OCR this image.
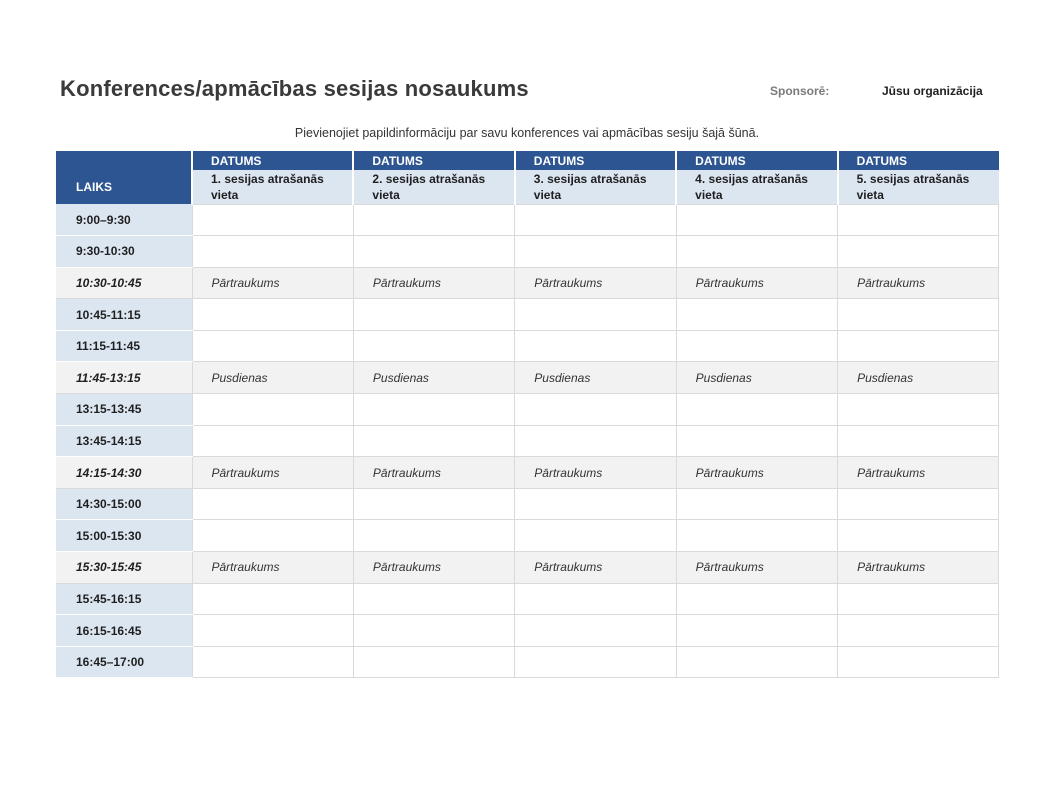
Konferences/apmācības sesijas nosaukums	Sponsorē:	Jūsu organizācija
Pievienojiet papildinformāciju par savu konferences vai apmācības sesiju šajā šūnā.
	DATUMS	DATUMS	DATUMS	DATUMS	DATUMS
LAIKS	1. sesijas atrašanās vieta	2. sesijas atrašanās vieta	3. sesijas atrašanās vieta	4. sesijas atrašanās vieta	5. sesijas atrašanās vieta
9:00–9:30					
9:30-10:30					
10:30-10:45	Pārtraukums	Pārtraukums	Pārtraukums	Pārtraukums	Pārtraukums
10:45-11:15					
11:15-11:45					
11:45-13:15	Pusdienas	Pusdienas	Pusdienas	Pusdienas	Pusdienas
13:15-13:45					
13:45-14:15					
14:15-14:30	Pārtraukums	Pārtraukums	Pārtraukums	Pārtraukums	Pārtraukums
14:30-15:00					
15:00-15:30					
15:30-15:45	Pārtraukums	Pārtraukums	Pārtraukums	Pārtraukums	Pārtraukums
15:45-16:15					
16:15-16:45					
16:45–17:00					
